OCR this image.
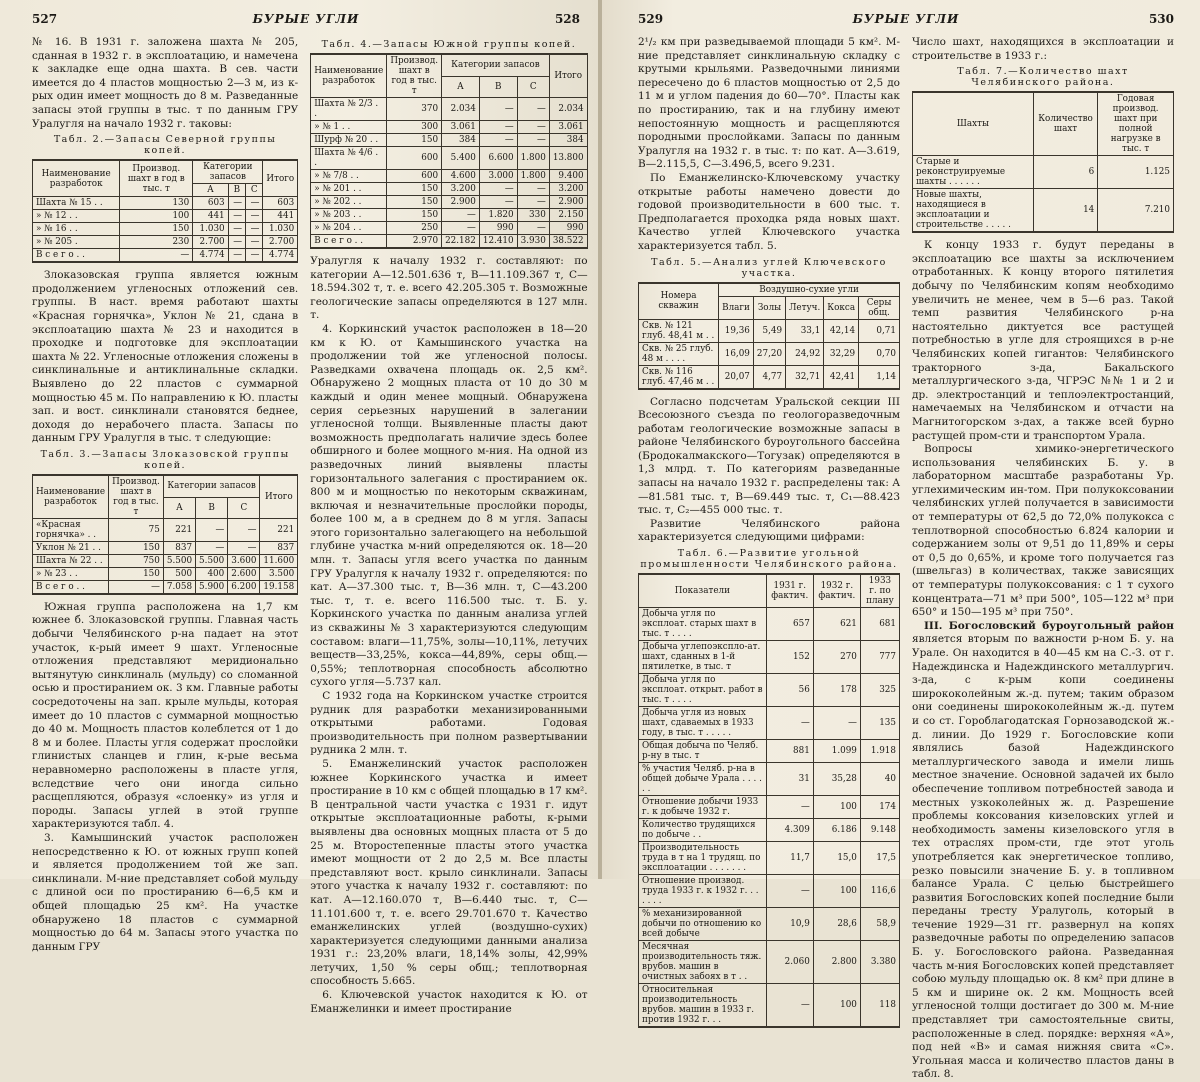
527	БУРЫЕ УГЛИ	528

№ 16. В 1931 г. заложена шахта № 205, сданная в 1932 г. в эксплоатацию, и намечена к закладке еще одна шахта. В сев. части имеется до 4 пластов мощностью 2—3 м, из к-рых один имеет мощность до 8 м. Разведанные запасы этой группы в тыс. т по данным ГРУ Уралугля на начало 1932 г. таковы:

Табл. 2.—Запасы Северной группы копей.
Наименование разработок	Производ. шахт в год в тыс. т	Категории запасов			Итого
		A	B	C	
Шахта № 15 . .	130	603	—	—	603
» № 12 . .	100	441	—	—	441
» № 16 . .	150	1.030	—	—	1.030
» № 205 .	230	2.700	—	—	2.700
В с е г о . .	—	4.774	—	—	4.774

Злоказовская группа является южным продолжением угленосных отложений сев. группы. В наст. время работают шахты «Красная горнячка», Уклон № 21, сдана в эксплоатацию шахта № 23 и находится в проходке и подготовке для эксплоатации шахта № 22. Угленосные отложения сложены в синклинальные и антиклинальные складки. Выявлено до 22 пластов с суммарной мощностью 45 м. По направлению к Ю. пласты зап. и вост. синклинали становятся беднее, доходя до нерабочего пласта. Запасы по данным ГРУ Уралугля в тыс. т следующие:

Табл. 3.—Запасы Злоказовской группы копей.
Наименование разработок	Производ. шахт в год в тыс. т	Категории запасов			Итого
		A	B	C	
«Красная горнячка» . .	75	221	—	—	221
Уклон № 21 . .	150	837	—	—	837
Шахта № 22 . .	750	5.500	5.500	3.600	11.600
» № 23 . .	150	500	400	2.600	3.500
В с е г о . .	—	7.058	5.900	6.200	19.158

Южная группа расположена на 1,7 км южнее б. Злоказовской группы. Главная часть добычи Челябинского р-на падает на этот участок, к-рый имеет 9 шахт. Угленосные отложения представляют меридионально вытянутую синклиналь (мульду) со сломанной осью и простиранием ок. 3 км. Главные работы сосредоточены на зап. крыле мульды, которая имеет до 10 пластов с суммарной мощностью до 40 м. Мощность пластов колеблется от 1 до 8 м и более. Пласты угля содержат прослойки глинистых сланцев и глин, к-рые весьма неравномерно расположены в пласте угля, вследствие чего они иногда сильно расщепляются, образуя «слоенку» из угля и породы. Запасы углей в этой группе характеризуются табл. 4.

3. Камышинский участок расположен непосредственно к Ю. от южных групп копей и является продолжением той же зап. синклинали. М-ние представляет собой мульду с длиной оси по простиранию 6—6,5 км и общей площадью 25 км². На участке обнаружено 18 пластов с суммарной мощностью до 64 м. Запасы этого участка по данным ГРУ

Табл. 4.—Запасы Южной группы копей.
Наименование разработок	Производ. шахт в год в тыс. т	Категории запасов			Итого
		A	B	C	
Шахта № 2/3 . .	370	2.034	—	—	2.034
» № 1 . .	300	3.061	—	—	3.061
Шурф № 20 . .	150	384	—	—	384
Шахта № 4/6 . .	600	5.400	6.600	1.800	13.800
» № 7/8 . .	600	4.600	3.000	1.800	9.400
» № 201 . .	150	3.200	—	—	3.200
» № 202 . .	150	2.900	—	—	2.900
» № 203 . .	150	—	1.820	330	2.150
» № 204 . .	250	—	990	—	990
В с е г о . .	2.970	22.182	12.410	3.930	38.522

Уралугля к началу 1932 г. составляют: по категории A—12.501.636 т, B—11.109.367 т, C—18.594.302 т, т. е. всего 42.205.305 т. Возможные геологические запасы определяются в 127 млн. т.

4. Коркинский участок расположен в 18—20 км к Ю. от Камышинского участка на продолжении той же угленосной полосы. Разведками охвачена площадь ок. 2,5 км². Обнаружено 2 мощных пласта от 10 до 30 м каждый и один менее мощный. Обнаружена серия серьезных нарушений в залегании угленосной толщи. Выявленные пласты дают возможность предполагать наличие здесь более обширного и более мощного м-ния. На одной из разведочных линий выявлены пласты горизонтального залегания с простиранием ок. 800 м и мощностью по некоторым скважинам, включая и незначительные прослойки породы, более 100 м, а в среднем до 8 м угля. Запасы этого горизонтально залегающего на небольшой глубине участка м-ний определяются ок. 18—20 млн. т. Запасы угля всего участка по данным ГРУ Уралугля к началу 1932 г. определяются: по кат. A—37.300 тыс. т, B—36 млн. т, C—43.200 тыс. т, т. е. всего 116.500 тыс. т. Б. у. Коркинского участка по данным анализа углей из скважины № 3 характеризуются следующим составом: влаги—11,75%, золы—10,11%, летучих веществ—33,25%, кокса—44,89%, серы общ.—0,55%; теплотворная способность абсолютно сухого угля—5.737 кал.

С 1932 года на Коркинском участке строится рудник для разработки механизированными открытыми работами. Годовая производительность при полном развертывании рудника 2 млн. т.

5. Еманжелинский участок расположен южнее Коркинского участка и имеет простирание в 10 км с общей площадью в 17 км². В центральной части участка с 1931 г. идут открытые эксплоатационные работы, к-рыми выявлены два основных мощных пласта от 5 до 25 м. Второстепенные пласты этого участка имеют мощности от 2 до 2,5 м. Все пласты представляют вост. крыло синклинали. Запасы этого участка к началу 1932 г. составляют: по кат. A—12.160.070 т, B—6.440 тыс. т, C—11.101.600 т, т. е. всего 29.701.670 т. Качество еманжелинских углей (воздушно-сухих) характеризуется следующими данными анализа 1931 г.: 23,20% влаги, 18,14% золы, 42,99% летучих, 1,50 % серы общ.; теплотворная способность 5.665.

6. Ключевской участок находится к Ю. от Еманжелинки и имеет простирание

529	БУРЫЕ УГЛИ	530

2¹/₂ км при разведываемой площади 5 км². М-ние представляет синклинальную складку с крутыми крыльями. Разведочными линиями пересечено до 6 пластов мощностью от 2,5 до 11 м и углом падения до 60—70°. Пласты как по простиранию, так и на глубину имеют непостоянную мощность и расщепляются породными прослойками. Запасы по данным Уралугля на 1932 г. в тыс. т: по кат. A—3.619, B—2.115,5, C—3.496,5, всего 9.231.

По Еманжелинско-Ключевскому участку открытые работы намечено довести до годовой производительности в 600 тыс. т. Предполагается проходка ряда новых шахт. Качество углей Ключевского участка характеризуется табл. 5.

Табл. 5.—Анализ углей Ключевского участка.
Номера скважин	Воздушно-сухие угли				
	Влаги	Золы	Летуч.	Кокса	Серы общ.
Скв. № 121 глуб. 48,41 м . .	19,36	5,49	33,1	42,14	0,71
Скв. № 25 глуб. 48 м . . . .	16,09	27,20	24,92	32,29	0,70
Скв. № 116 глуб. 47,46 м . .	20,07	4,77	32,71	42,41	1,14

Согласно подсчетам Уральской секции III Всесоюзного съезда по геологоразведочным работам геологические возможные запасы в районе Челябинского буроугольного бассейна (Бродокалмакского—Тогузак) определяются в 1,3 млрд. т. По категориям разведанные запасы на начало 1932 г. распределены так: A—81.581 тыс. т, B—69.449 тыс. т, C₁—88.423 тыс. т, C₂—455 000 тыс. т.

Развитие Челябинского района характеризуется следующими цифрами:

Табл. 6.—Развитие угольной промышленности Челябинского района.
Показатели	1931 г. фактич.	1932 г. фактич.	1933 г. по плану
Добыча угля по эксплоат. старых шахт в тыс. т . . . .	657	621	681
Добыча углепоэкспло-ат. шахт, сданных в 1-й пятилетке, в тыс. т	152	270	777
Добыча угля по эксплоат. открыт. работ в тыс. т . . . .	56	178	325
Добыча угля из новых шахт, сдаваемых в 1933 году, в тыс. т . . . . .	—	—	135
Общая добыча по Челяб. р-ну в тыс. т	881	1.099	1.918
% участия Челяб. р-на в общей добыче Урала . . . . . .	31	35,28	40
Отношение добычи 1933 г. к добыче 1932 г.	—	100	174
Количество трудящихся по добыче . .	4.309	6.186	9.148
Производительность труда в т на 1 трудящ. по эксплоатации . . . . . . .	11,7	15,0	17,5
Отношение производ. труда 1933 г. к 1932 г. . . . . . .	—	100	116,6
% механизированной добычи по отношению ко всей добыче	10,9	28,6	58,9
Месячная производительность тяж. врубов. машин в очистных забоях в т . .	2.060	2.800	3.380
Относительная производительность врубов. машин в 1933 г. против 1932 г. . .	—	100	118

Число шахт, находящихся в эксплоатации и строительстве в 1933 г.:

Табл. 7.—Количество шахт Челябинского района.
Шахты	Количество шахт	Годовая производ. шахт при полной нагрузке в тыс. т
Старые и реконструируемые шахты . . . . . .	6	1.125
Новые шахты, находящиеся в эксплоатации и строительстве . . . . .	14	7.210

К концу 1933 г. будут переданы в эксплоатацию все шахты за исключением отработанных. К концу второго пятилетия добычу по Челябинским копям необходимо увеличить не менее, чем в 5—6 раз. Такой темп развития Челябинского р-на настоятельно диктуется все растущей потребностью в угле для строящихся в р-не Челябинских копей гигантов: Челябинского тракторного з-да, Бакальского металлургического з-да, ЧГРЭС №№ 1 и 2 и др. электростанций и теплоэлектростанций, намечаемых на Челябинском и отчасти на Магнитогорском з-дах, а также всей бурно растущей пром-сти и транспортом Урала.

Вопросы химико-энергетического использования челябинских Б. у. в лабораторном масштабе разработаны Ур. углехимическим ин-том. При полукоксовании челябинских углей получается в зависимости от температуры от 62,5 до 72,0% полукокса с теплотворной способностью 6.824 калории и содержанием золы от 9,51 до 11,89% и серы от 0,5 до 0,65%, и кроме того получается газ (швельгаз) в количествах, также зависящих от температуры полукоксования: с 1 т сухого концентрата—71 м³ при 500°, 105—122 м³ при 650° и 150—195 м³ при 750°.

III. Богословский буроугольный район является вторым по важности р-ном Б. у. на Урале. Он находится в 40—45 км на С.-З. от г. Надеждинска и Надеждинского металлургич. з-да, с к-рым копи соединены ширококолейным ж.-д. путем; таким образом они соединены ширококолейным ж.-д. путем и со ст. Гороблагодатская Горнозаводской ж.-д. линии. До 1929 г. Богословские копи являлись базой Надеждинского металлургического завода и имели лишь местное значение. Основной задачей их было обеспечение топливом потребностей завода и местных узкоколейных ж. д. Разрешение проблемы коксования кизеловских углей и необходимость замены кизеловского угля в тех отраслях пром-сти, где этот уголь употребляется как энергетическое топливо, резко повысили значение Б. у. в топливном балансе Урала. С целью быстрейшего развития Богословских копей последние были переданы тресту Уралуголь, который в течение 1929—31 гг. развернул на копях разведочные работы по определению запасов Б. у. Богословского района. Разведанная часть м-ния Богословских копей представляет собою мульду площадью ок. 8 км² при длине в 5 км и ширине ок. 2 км. Мощность всей угленосной толщи достигает до 300 м. М-ние представляет три самостоятельные свиты, расположенные в след. порядке: верхняя «А», под ней «В» и самая нижняя свита «С». Угольная масса и количество пластов даны в табл. 8.
